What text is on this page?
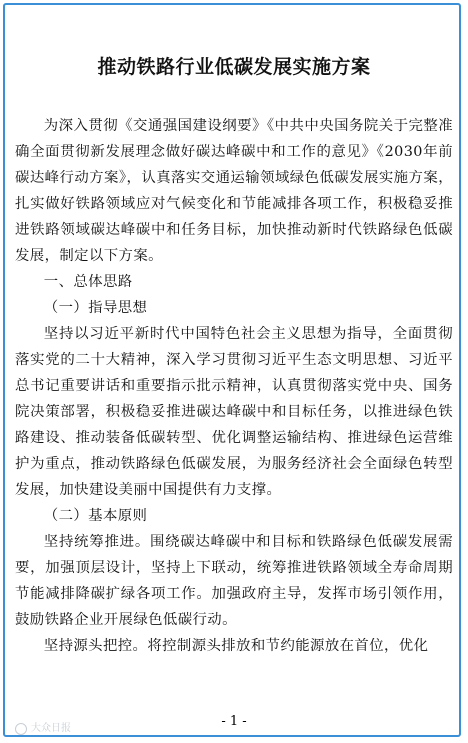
推动铁路行业低碳发展实施方案

为深入贯彻《交通强国建设纲要》《中共中央国务院关于完整准确全面贯彻新发展理念做好碳达峰碳中和工作的意见》《2030年前碳达峰行动方案》，认真落实交通运输领域绿色低碳发展实施方案，扎实做好铁路领域应对气候变化和节能减排各项工作，积极稳妥推进铁路领域碳达峰碳中和任务目标，加快推动新时代铁路绿色低碳发展，制定以下方案。

一、总体思路

（一）指导思想

坚持以习近平新时代中国特色社会主义思想为指导，全面贯彻落实党的二十大精神，深入学习贯彻习近平生态文明思想、习近平总书记重要讲话和重要指示批示精神，认真贯彻落实党中央、国务院决策部署，积极稳妥推进碳达峰碳中和目标任务，以推进绿色铁路建设、推动装备低碳转型、优化调整运输结构、推进绿色运营维护为重点，推动铁路绿色低碳发展，为服务经济社会全面绿色转型发展，加快建设美丽中国提供有力支撑。

（二）基本原则

坚持统筹推进。围绕碳达峰碳中和目标和铁路绿色低碳发展需要，加强顶层设计，坚持上下联动，统筹推进铁路领域全寿命周期节能减排降碳扩绿各项工作。加强政府主导，发挥市场引领作用，鼓励铁路企业开展绿色低碳行动。

坚持源头把控。将控制源头排放和节约能源放在首位，优化

- 1 -

大众日报
